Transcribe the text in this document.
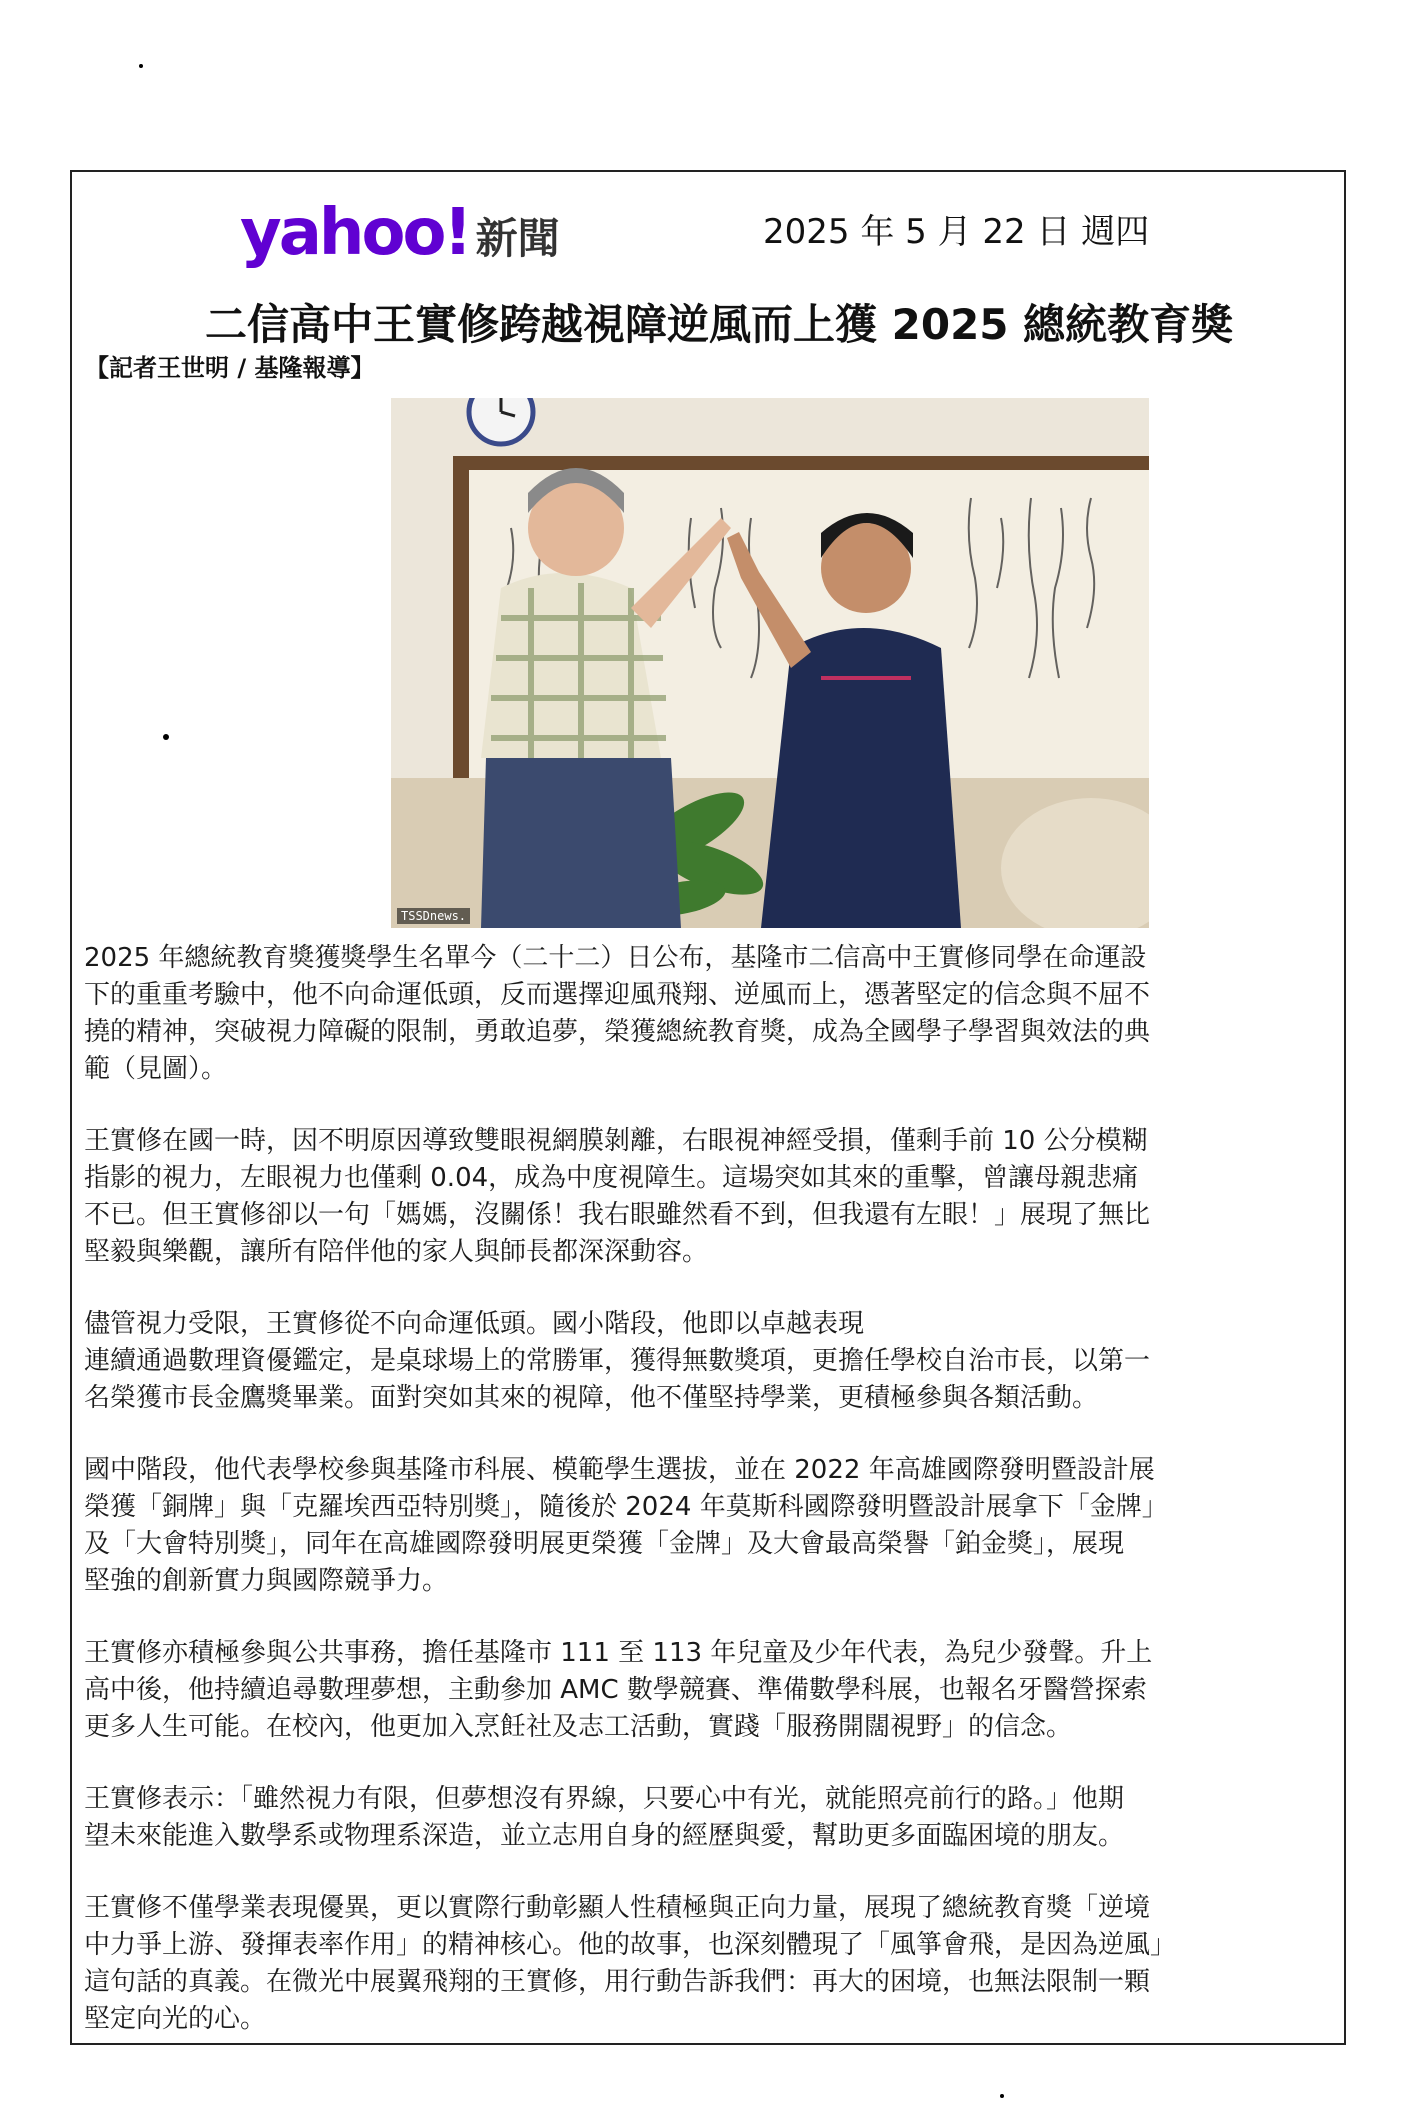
yahoo! 新聞	2025 年 5 月 22 日 週四
二信高中王實修跨越視障逆風而上獲 2025 總統教育獎
【記者王世明 / 基隆報導】
TSSDnews.

2025 年總統教育獎獲獎學生名單今（二十二）日公布，基隆市二信高中王實修同學在命運設
下的重重考驗中，他不向命運低頭，反而選擇迎風飛翔、逆風而上，憑著堅定的信念與不屈不
撓的精神，突破視力障礙的限制，勇敢追夢，榮獲總統教育獎，成為全國學子學習與效法的典
範（見圖）。

王實修在國一時，因不明原因導致雙眼視網膜剝離，右眼視神經受損，僅剩手前 10 公分模糊
指影的視力，左眼視力也僅剩 0.04，成為中度視障生。這場突如其來的重擊，曾讓母親悲痛
不已。但王實修卻以一句「媽媽，沒關係！我右眼雖然看不到，但我還有左眼！」展現了無比
堅毅與樂觀，讓所有陪伴他的家人與師長都深深動容。

儘管視力受限，王實修從不向命運低頭。國小階段，他即以卓越表現
連續通過數理資優鑑定，是桌球場上的常勝軍，獲得無數獎項，更擔任學校自治市長，以第一
名榮獲市長金鷹獎畢業。面對突如其來的視障，他不僅堅持學業，更積極參與各類活動。

國中階段，他代表學校參與基隆市科展、模範學生選拔，並在 2022 年高雄國際發明暨設計展
榮獲「銅牌」與「克羅埃西亞特別獎」，隨後於 2024 年莫斯科國際發明暨設計展拿下「金牌」
及「大會特別獎」，同年在高雄國際發明展更榮獲「金牌」及大會最高榮譽「鉑金獎」，展現
堅強的創新實力與國際競爭力。

王實修亦積極參與公共事務，擔任基隆市 111 至 113 年兒童及少年代表，為兒少發聲。升上
高中後，他持續追尋數理夢想，主動參加 AMC 數學競賽、準備數學科展，也報名牙醫營探索
更多人生可能。在校內，他更加入烹飪社及志工活動，實踐「服務開闊視野」的信念。

王實修表示：「雖然視力有限，但夢想沒有界線，只要心中有光，就能照亮前行的路。」他期
望未來能進入數學系或物理系深造，並立志用自身的經歷與愛，幫助更多面臨困境的朋友。

王實修不僅學業表現優異，更以實際行動彰顯人性積極與正向力量，展現了總統教育獎「逆境
中力爭上游、發揮表率作用」的精神核心。他的故事，也深刻體現了「風箏會飛，是因為逆風」
這句話的真義。在微光中展翼飛翔的王實修，用行動告訴我們：再大的困境，也無法限制一顆
堅定向光的心。
